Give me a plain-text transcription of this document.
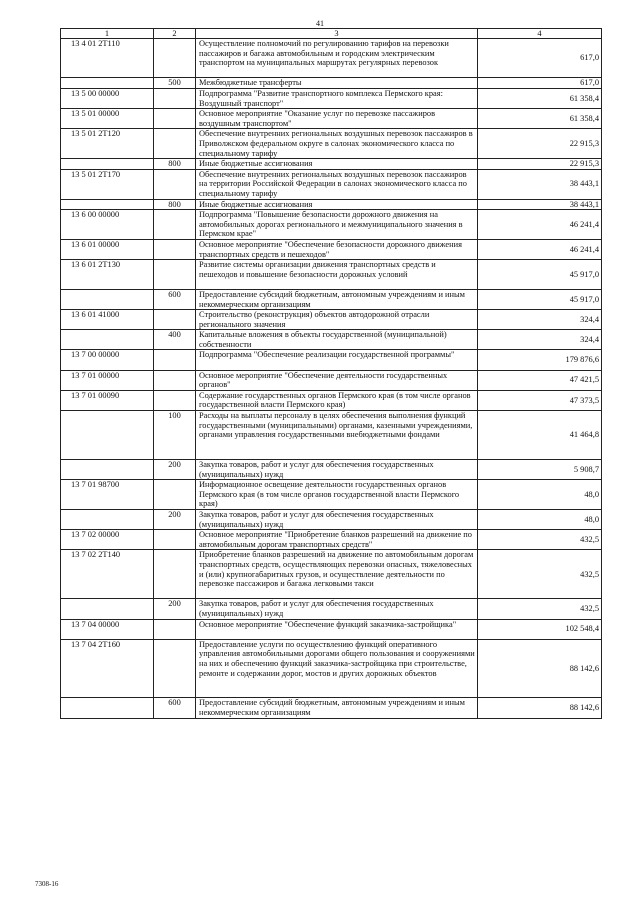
41
1	2	3	4
13 4 01 2Т110		Осуществление полномочий по регулированию тарифов на перевозки пассажиров и багажа автомобильным и городским электрическим транспортом на муниципальных маршрутах регулярных перевозок	617,0
	500	Межбюджетные трансферты	617,0
13 5 00 00000		Подпрограмма "Развитие транспортного комплекса Пермского края: Воздушный транспорт"	61 358,4
13 5 01 00000		Основное мероприятие "Оказание услуг по перевозке пассажиров воздушным транспортом"	61 358,4
13 5 01 2Т120		Обеспечение внутренних региональных воздушных перевозок пассажиров в Приволжском федеральном округе в салонах экономического класса по специальному тарифу	22 915,3
	800	Иные бюджетные ассигнования	22 915,3
13 5 01 2Т170		Обеспечение внутренних региональных воздушных перевозок пассажиров на территории Российской Федерации в салонах экономического класса по специальному тарифу	38 443,1
	800	Иные бюджетные ассигнования	38 443,1
13 6 00 00000		Подпрограмма "Повышение безопасности дорожного движения на автомобильных дорогах регионального и межмуниципального значения в Пермском крае"	46 241,4
13 6 01 00000		Основное мероприятие "Обеспечение безопасности дорожного движения транспортных средств и пешеходов"	46 241,4
13 6 01 2Т130		Развитие системы организации движения транспортных средств и пешеходов и повышение безопасности дорожных условий	45 917,0
	600	Предоставление субсидий бюджетным, автономным учреждениям и иным некоммерческим организациям	45 917,0
13 6 01 41000		Строительство (реконструкция) объектов автодорожной отрасли регионального значения	324,4
	400	Капитальные вложения в объекты государственной (муниципальной) собственности	324,4
13 7 00 00000		Подпрограмма "Обеспечение реализации государственной программы"	179 876,6
13 7 01 00000		Основное мероприятие "Обеспечение деятельности государственных органов"	47 421,5
13 7 01 00090		Содержание государственных органов Пермского края (в том числе органов государственной власти Пермского края)	47 373,5
	100	Расходы на выплаты персоналу в целях обеспечения выполнения функций государственными (муниципальными) органами, казенными учреждениями, органами управления государственными внебюджетными фондами	41 464,8
	200	Закупка товаров, работ и услуг для обеспечения государственных (муниципальных) нужд	5 908,7
13 7 01 98700		Информационное освещение деятельности государственных органов Пермского края (в том числе органов государственной власти Пермского края)	48,0
	200	Закупка товаров, работ и услуг для обеспечения государственных (муниципальных) нужд	48,0
13 7 02 00000		Основное мероприятие "Приобретение бланков разрешений на движение по автомобильным дорогам транспортных средств"	432,5
13 7 02 2Т140		Приобретение бланков разрешений на движение по автомобильным дорогам транспортных средств, осуществляющих перевозки опасных, тяжеловесных и (или) крупногабаритных грузов, и осуществление деятельности по перевозке пассажиров и багажа легковыми такси	432,5
	200	Закупка товаров, работ и услуг для обеспечения государственных (муниципальных) нужд	432,5
13 7 04 00000		Основное мероприятие "Обеспечение функций заказчика-застройщика"	102 548,4
13 7 04 2Т160		Предоставление услуги по осуществлению функций оперативного управления автомобильными дорогами общего пользования и сооружениями на них и обеспечению функций заказчика-застройщика при строительстве, ремонте и содержании дорог, мостов и других дорожных объектов	88 142,6
	600	Предоставление субсидий бюджетным, автономным учреждениям и иным некоммерческим организациям	88 142,6
7308-16
